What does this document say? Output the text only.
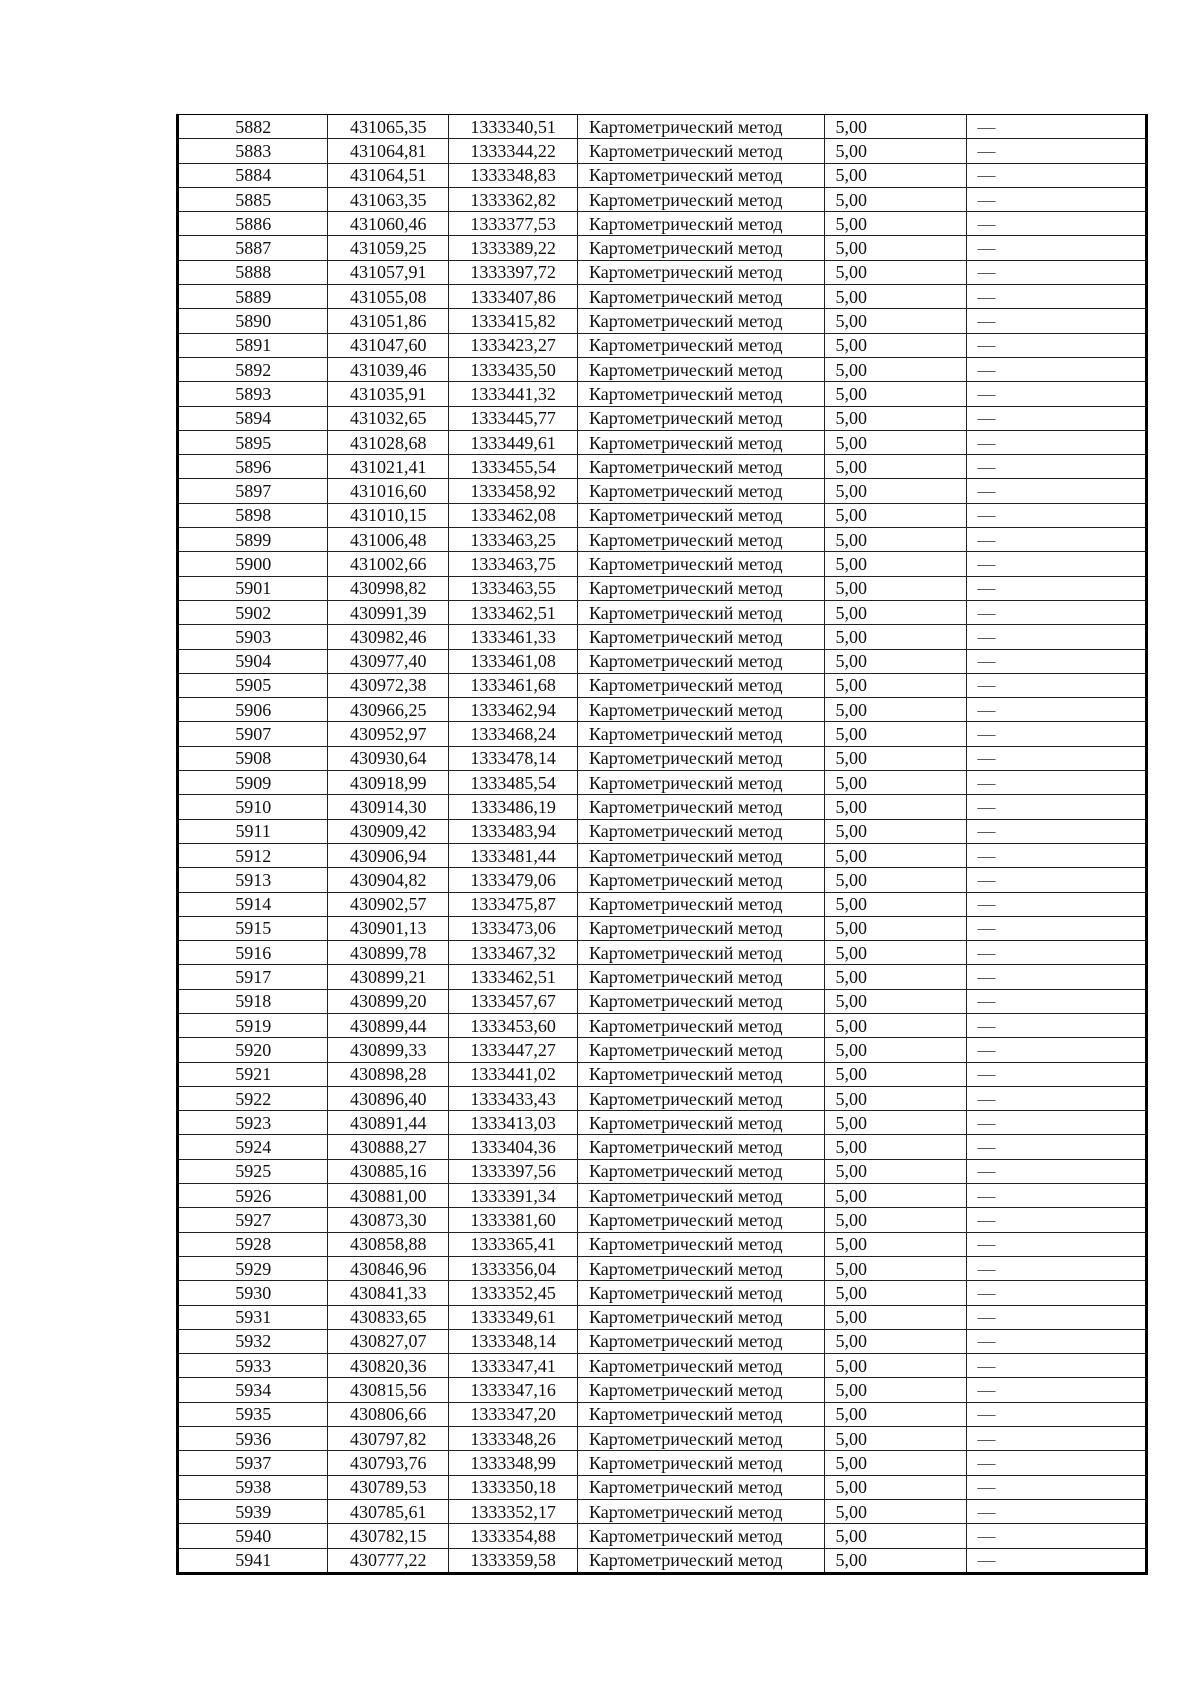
5882	431065,35	1333340,51	Картометрический метод	5,00	—
5883	431064,81	1333344,22	Картометрический метод	5,00	—
5884	431064,51	1333348,83	Картометрический метод	5,00	—
5885	431063,35	1333362,82	Картометрический метод	5,00	—
5886	431060,46	1333377,53	Картометрический метод	5,00	—
5887	431059,25	1333389,22	Картометрический метод	5,00	—
5888	431057,91	1333397,72	Картометрический метод	5,00	—
5889	431055,08	1333407,86	Картометрический метод	5,00	—
5890	431051,86	1333415,82	Картометрический метод	5,00	—
5891	431047,60	1333423,27	Картометрический метод	5,00	—
5892	431039,46	1333435,50	Картометрический метод	5,00	—
5893	431035,91	1333441,32	Картометрический метод	5,00	—
5894	431032,65	1333445,77	Картометрический метод	5,00	—
5895	431028,68	1333449,61	Картометрический метод	5,00	—
5896	431021,41	1333455,54	Картометрический метод	5,00	—
5897	431016,60	1333458,92	Картометрический метод	5,00	—
5898	431010,15	1333462,08	Картометрический метод	5,00	—
5899	431006,48	1333463,25	Картометрический метод	5,00	—
5900	431002,66	1333463,75	Картометрический метод	5,00	—
5901	430998,82	1333463,55	Картометрический метод	5,00	—
5902	430991,39	1333462,51	Картометрический метод	5,00	—
5903	430982,46	1333461,33	Картометрический метод	5,00	—
5904	430977,40	1333461,08	Картометрический метод	5,00	—
5905	430972,38	1333461,68	Картометрический метод	5,00	—
5906	430966,25	1333462,94	Картометрический метод	5,00	—
5907	430952,97	1333468,24	Картометрический метод	5,00	—
5908	430930,64	1333478,14	Картометрический метод	5,00	—
5909	430918,99	1333485,54	Картометрический метод	5,00	—
5910	430914,30	1333486,19	Картометрический метод	5,00	—
5911	430909,42	1333483,94	Картометрический метод	5,00	—
5912	430906,94	1333481,44	Картометрический метод	5,00	—
5913	430904,82	1333479,06	Картометрический метод	5,00	—
5914	430902,57	1333475,87	Картометрический метод	5,00	—
5915	430901,13	1333473,06	Картометрический метод	5,00	—
5916	430899,78	1333467,32	Картометрический метод	5,00	—
5917	430899,21	1333462,51	Картометрический метод	5,00	—
5918	430899,20	1333457,67	Картометрический метод	5,00	—
5919	430899,44	1333453,60	Картометрический метод	5,00	—
5920	430899,33	1333447,27	Картометрический метод	5,00	—
5921	430898,28	1333441,02	Картометрический метод	5,00	—
5922	430896,40	1333433,43	Картометрический метод	5,00	—
5923	430891,44	1333413,03	Картометрический метод	5,00	—
5924	430888,27	1333404,36	Картометрический метод	5,00	—
5925	430885,16	1333397,56	Картометрический метод	5,00	—
5926	430881,00	1333391,34	Картометрический метод	5,00	—
5927	430873,30	1333381,60	Картометрический метод	5,00	—
5928	430858,88	1333365,41	Картометрический метод	5,00	—
5929	430846,96	1333356,04	Картометрический метод	5,00	—
5930	430841,33	1333352,45	Картометрический метод	5,00	—
5931	430833,65	1333349,61	Картометрический метод	5,00	—
5932	430827,07	1333348,14	Картометрический метод	5,00	—
5933	430820,36	1333347,41	Картометрический метод	5,00	—
5934	430815,56	1333347,16	Картометрический метод	5,00	—
5935	430806,66	1333347,20	Картометрический метод	5,00	—
5936	430797,82	1333348,26	Картометрический метод	5,00	—
5937	430793,76	1333348,99	Картометрический метод	5,00	—
5938	430789,53	1333350,18	Картометрический метод	5,00	—
5939	430785,61	1333352,17	Картометрический метод	5,00	—
5940	430782,15	1333354,88	Картометрический метод	5,00	—
5941	430777,22	1333359,58	Картометрический метод	5,00	—
